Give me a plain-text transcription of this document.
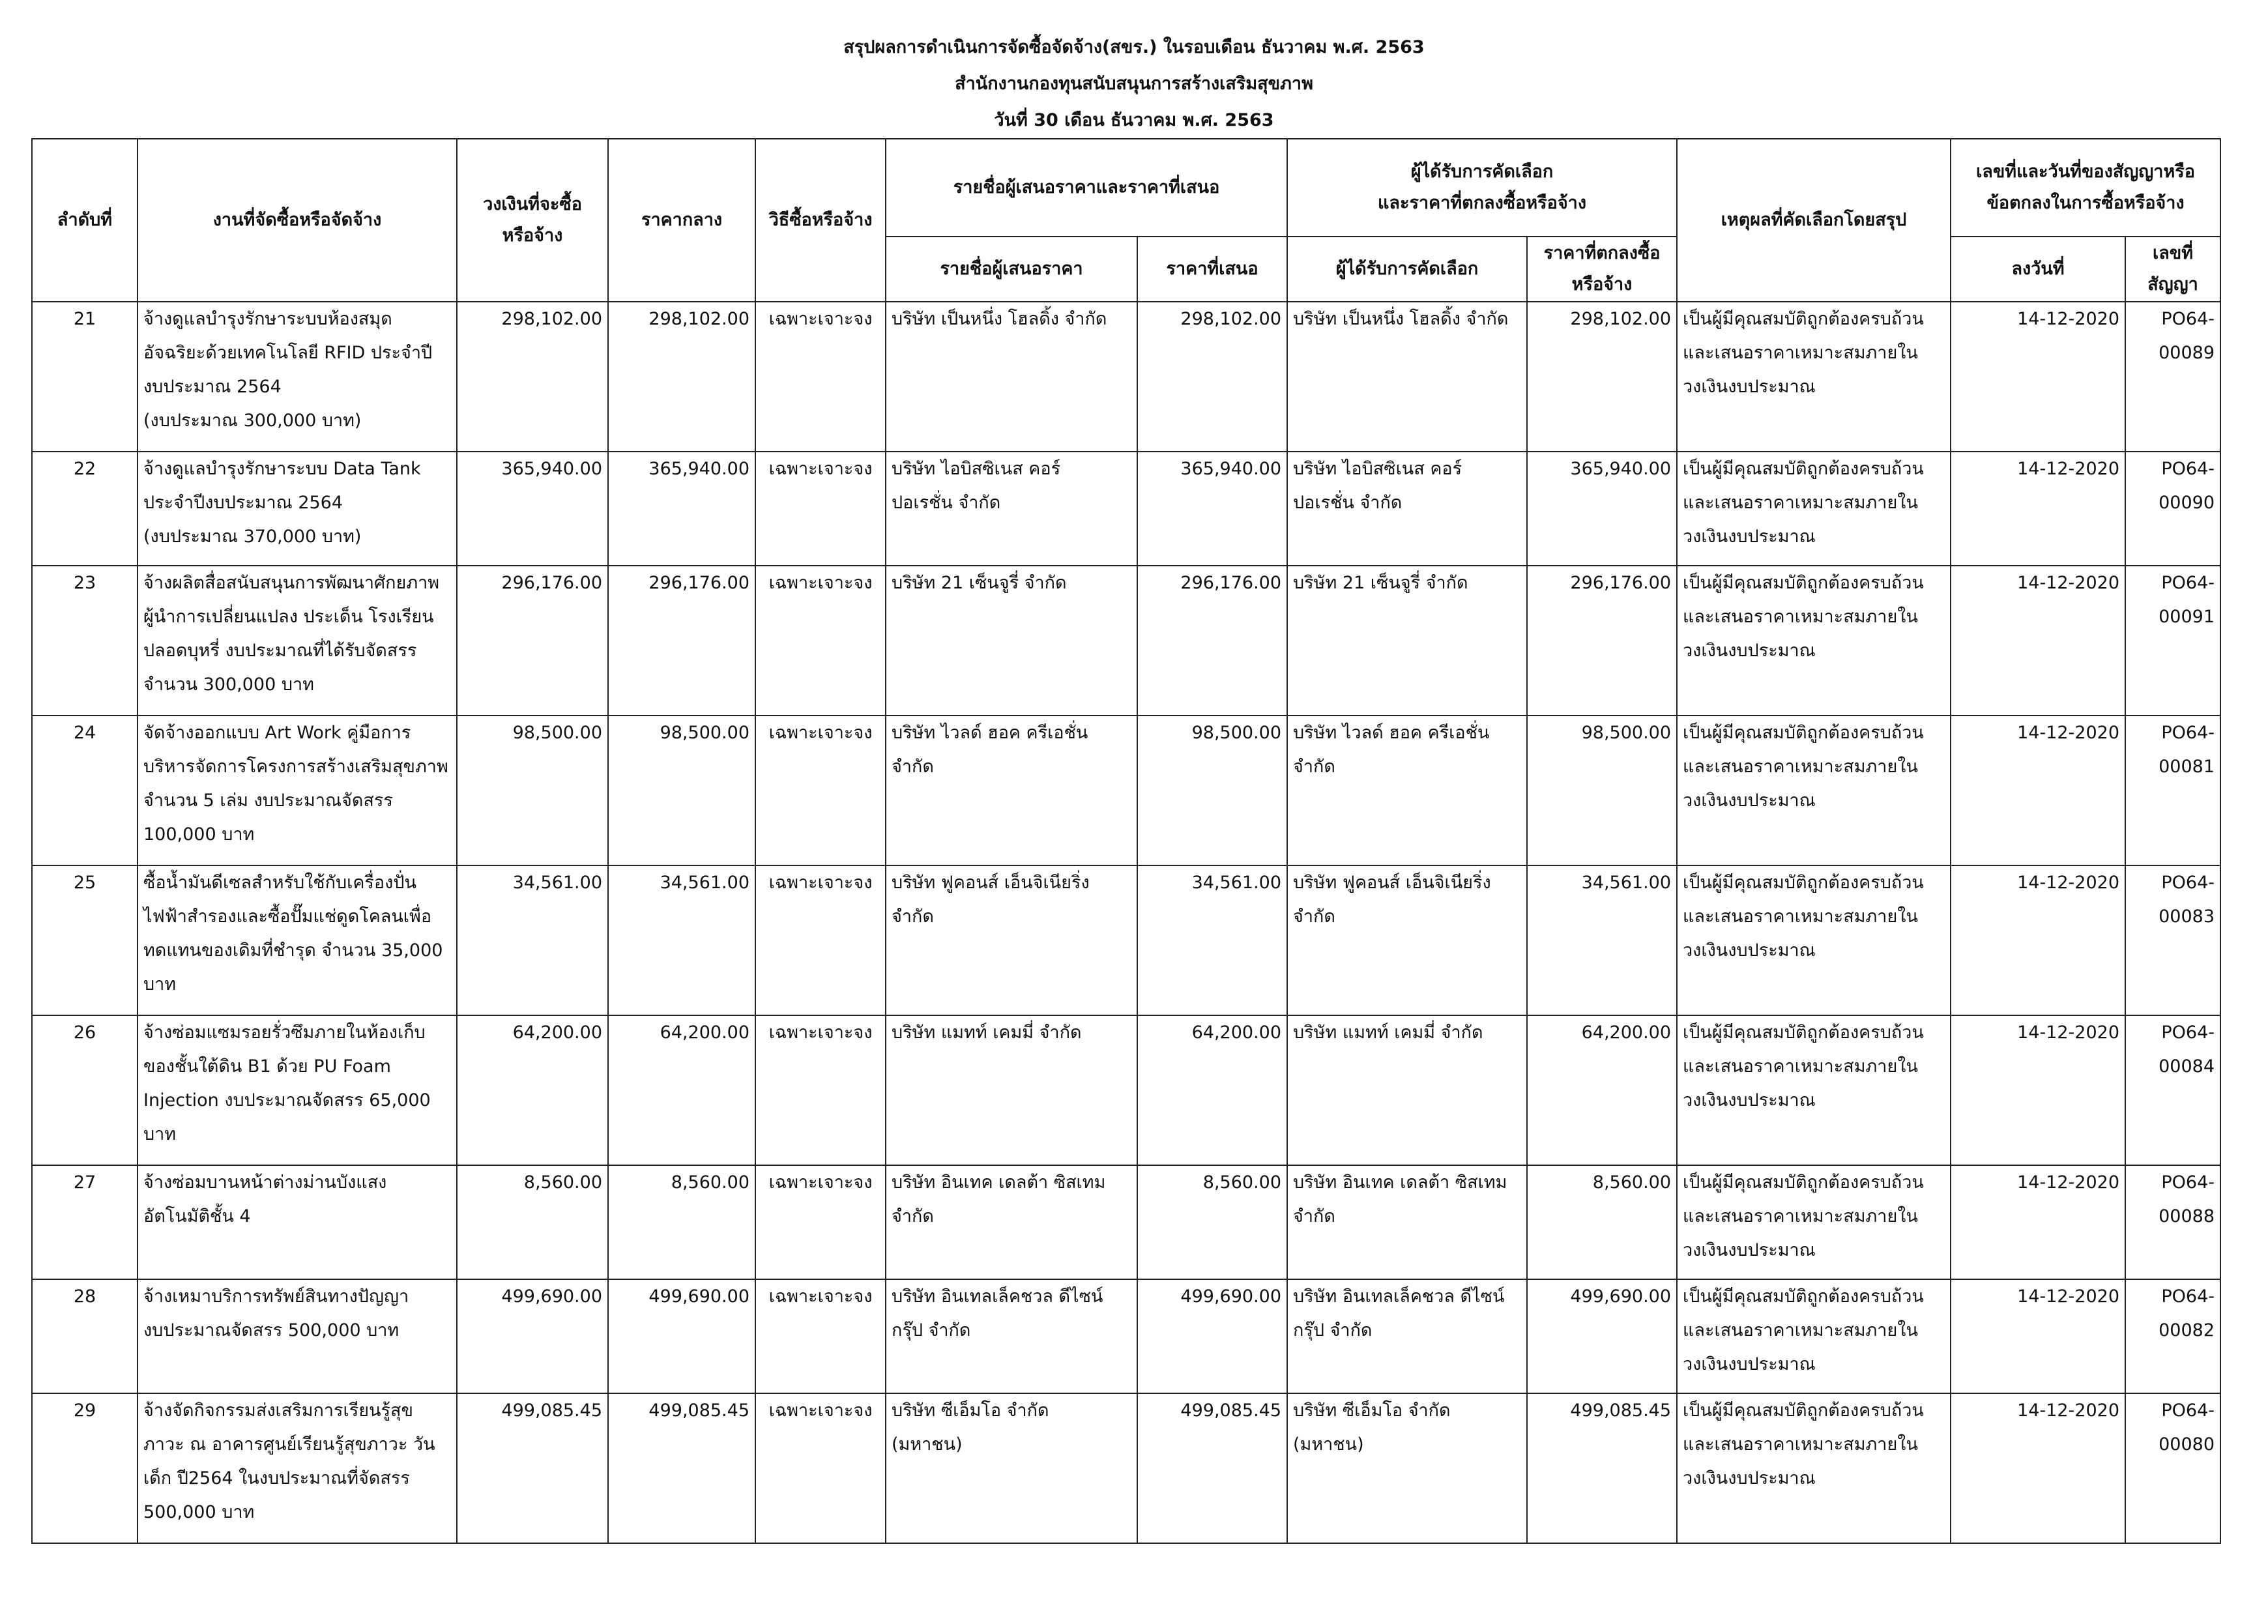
สรุปผลการดำเนินการจัดซื้อจัดจ้าง(สขร.) ในรอบเดือน ธันวาคม พ.ศ. 2563
สำนักงานกองทุนสนับสนุนการสร้างเสริมสุขภาพ
วันที่ 30 เดือน ธันวาคม พ.ศ. 2563
ลำดับที่	งานที่จัดซื้อหรือจัดจ้าง	วงเงินที่จะซื้อ
หรือจ้าง	ราคากลาง	วิธีซื้อหรือจ้าง	รายชื่อผู้เสนอราคาและราคาที่เสนอ		ผู้ได้รับการคัดเลือก
และราคาที่ตกลงซื้อหรือจ้าง		เหตุผลที่คัดเลือกโดยสรุป	เลขที่และวันที่ของสัญญาหรือ
ข้อตกลงในการซื้อหรือจ้าง	
					รายชื่อผู้เสนอราคา	ราคาที่เสนอ	ผู้ได้รับการคัดเลือก	ราคาที่ตกลงซื้อ
หรือจ้าง		ลงวันที่	เลขที่สัญญา
21	จ้างดูแลบำรุงรักษาระบบห้องสมุด
อัจฉริยะด้วยเทคโนโลยี RFID ประจำปี
งบประมาณ 2564
(งบประมาณ 300,000 บาท)	298,102.00	298,102.00	เฉพาะเจาะจง	บริษัท เป็นหนึ่ง โฮลดิ้ง จำกัด	298,102.00	บริษัท เป็นหนึ่ง โฮลดิ้ง จำกัด	298,102.00	เป็นผู้มีคุณสมบัติถูกต้องครบถ้วน
และเสนอราคาเหมาะสมภายใน
วงเงินงบประมาณ	14-12-2020	PO64-00089
22	จ้างดูแลบำรุงรักษาระบบ Data Tank
ประจำปีงบประมาณ 2564
(งบประมาณ 370,000 บาท)	365,940.00	365,940.00	เฉพาะเจาะจง	บริษัท ไอบิสซิเนส คอร์
ปอเรชั่น จำกัด	365,940.00	บริษัท ไอบิสซิเนส คอร์
ปอเรชั่น จำกัด	365,940.00	เป็นผู้มีคุณสมบัติถูกต้องครบถ้วน
และเสนอราคาเหมาะสมภายใน
วงเงินงบประมาณ	14-12-2020	PO64-00090
23	จ้างผลิตสื่อสนับสนุนการพัฒนาศักยภาพ
ผู้นำการเปลี่ยนแปลง ประเด็น โรงเรียน
ปลอดบุหรี่ งบประมาณที่ได้รับจัดสรร
จำนวน 300,000 บาท	296,176.00	296,176.00	เฉพาะเจาะจง	บริษัท 21 เซ็นจูรี่ จำกัด	296,176.00	บริษัท 21 เซ็นจูรี่ จำกัด	296,176.00	เป็นผู้มีคุณสมบัติถูกต้องครบถ้วน
และเสนอราคาเหมาะสมภายใน
วงเงินงบประมาณ	14-12-2020	PO64-00091
24	จัดจ้างออกแบบ Art Work คู่มือการ
บริหารจัดการโครงการสร้างเสริมสุขภาพ
จำนวน 5 เล่ม งบประมาณจัดสรร
100,000 บาท	98,500.00	98,500.00	เฉพาะเจาะจง	บริษัท ไวลด์ ฮอค ครีเอชั่น
จำกัด	98,500.00	บริษัท ไวลด์ ฮอค ครีเอชั่น
จำกัด	98,500.00	เป็นผู้มีคุณสมบัติถูกต้องครบถ้วน
และเสนอราคาเหมาะสมภายใน
วงเงินงบประมาณ	14-12-2020	PO64-00081
25	ซื้อน้ำมันดีเซลสำหรับใช้กับเครื่องปั่น
ไฟฟ้าสำรองและซื้อปั๊มแช่ดูดโคลนเพื่อ
ทดแทนของเดิมที่ชำรุด จำนวน 35,000
บาท	34,561.00	34,561.00	เฉพาะเจาะจง	บริษัท ฟูคอนส์ เอ็นจิเนียริ่ง
จำกัด	34,561.00	บริษัท ฟูคอนส์ เอ็นจิเนียริ่ง
จำกัด	34,561.00	เป็นผู้มีคุณสมบัติถูกต้องครบถ้วน
และเสนอราคาเหมาะสมภายใน
วงเงินงบประมาณ	14-12-2020	PO64-00083
26	จ้างซ่อมแซมรอยรั่วซึมภายในห้องเก็บ
ของชั้นใต้ดิน B1 ด้วย PU Foam
Injection งบประมาณจัดสรร 65,000
บาท	64,200.00	64,200.00	เฉพาะเจาะจง	บริษัท แมทท์ เคมมี่ จำกัด	64,200.00	บริษัท แมทท์ เคมมี่ จำกัด	64,200.00	เป็นผู้มีคุณสมบัติถูกต้องครบถ้วน
และเสนอราคาเหมาะสมภายใน
วงเงินงบประมาณ	14-12-2020	PO64-00084
27	จ้างซ่อมบานหน้าต่างม่านบังแสง
อัตโนมัติชั้น 4	8,560.00	8,560.00	เฉพาะเจาะจง	บริษัท อินเทค เดลต้า ซิสเทม
จำกัด	8,560.00	บริษัท อินเทค เดลต้า ซิสเทม
จำกัด	8,560.00	เป็นผู้มีคุณสมบัติถูกต้องครบถ้วน
และเสนอราคาเหมาะสมภายใน
วงเงินงบประมาณ	14-12-2020	PO64-00088
28	จ้างเหมาบริการทรัพย์สินทางปัญญา
งบประมาณจัดสรร 500,000 บาท	499,690.00	499,690.00	เฉพาะเจาะจง	บริษัท อินเทลเล็คชวล ดีไซน์
กรุ๊ป จำกัด	499,690.00	บริษัท อินเทลเล็คชวล ดีไซน์
กรุ๊ป จำกัด	499,690.00	เป็นผู้มีคุณสมบัติถูกต้องครบถ้วน
และเสนอราคาเหมาะสมภายใน
วงเงินงบประมาณ	14-12-2020	PO64-00082
29	จ้างจัดกิจกรรมส่งเสริมการเรียนรู้สุข
ภาวะ ณ อาคารศูนย์เรียนรู้สุขภาวะ วัน
เด็ก ปี2564 ในงบประมาณที่จัดสรร
500,000 บาท	499,085.45	499,085.45	เฉพาะเจาะจง	บริษัท ซีเอ็มโอ จำกัด
(มหาชน)	499,085.45	บริษัท ซีเอ็มโอ จำกัด (มหาชน)	499,085.45	เป็นผู้มีคุณสมบัติถูกต้องครบถ้วน
และเสนอราคาเหมาะสมภายใน
วงเงินงบประมาณ	14-12-2020	PO64-00080
